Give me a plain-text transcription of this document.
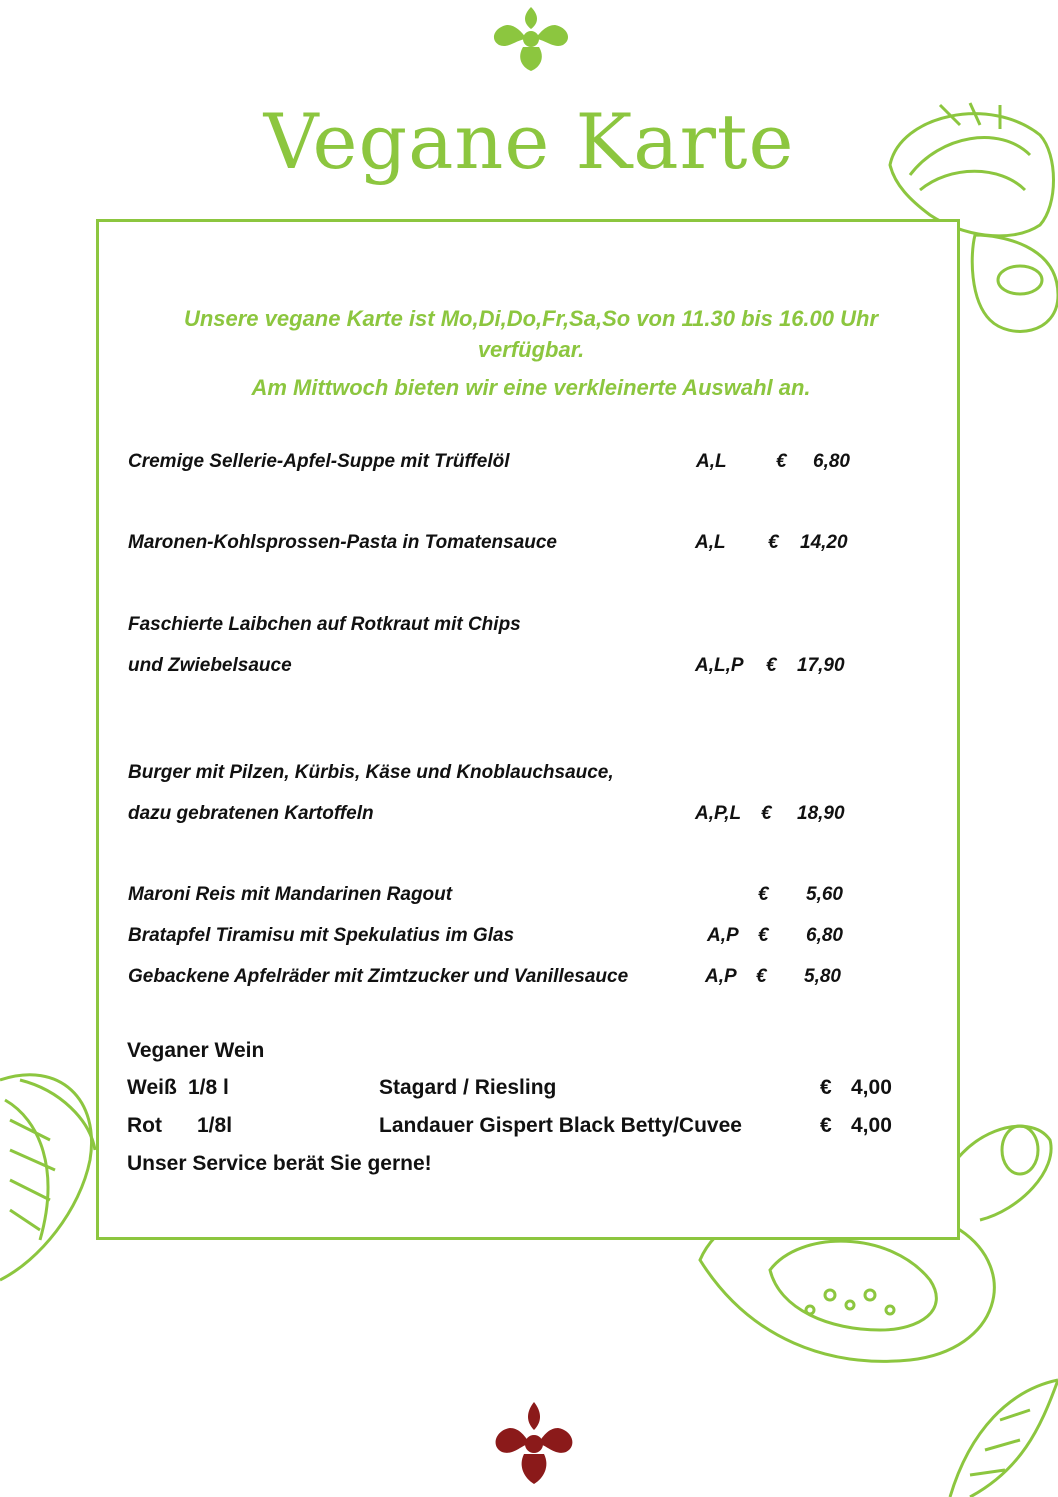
Vegane Karte
Unsere vegane Karte ist Mo,Di,Do,Fr,Sa,So von 11.30 bis 16.00 Uhr
verfügbar.
Am Mittwoch bieten wir eine verkleinerte Auswahl an.
Cremige Sellerie-Apfel-Suppe mit Trüffelöl	A,L	€ 6,80
Maronen-Kohlsprossen-Pasta in Tomatensauce	A,L € 14,20
Faschierte Laibchen auf Rotkraut mit Chips
und Zwiebelsauce	A,L,P € 17,90
Burger mit Pilzen, Kürbis, Käse und Knoblauchsauce,
dazu gebratenen Kartoffeln	A,P,L € 18,90
Maroni Reis mit Mandarinen Ragout	€ 5,60
Bratapfel Tiramisu mit Spekulatius im Glas	A,P € 6,80
Gebackene Apfelräder mit Zimtzucker und Vanillesauce	A,P € 5,80
Veganer Wein
Weiß 1/8 l	Stagard / Riesling	€ 4,00
Rot 1/8l	Landauer Gispert Black Betty/Cuvee	€ 4,00
Unser Service berät Sie gerne!
